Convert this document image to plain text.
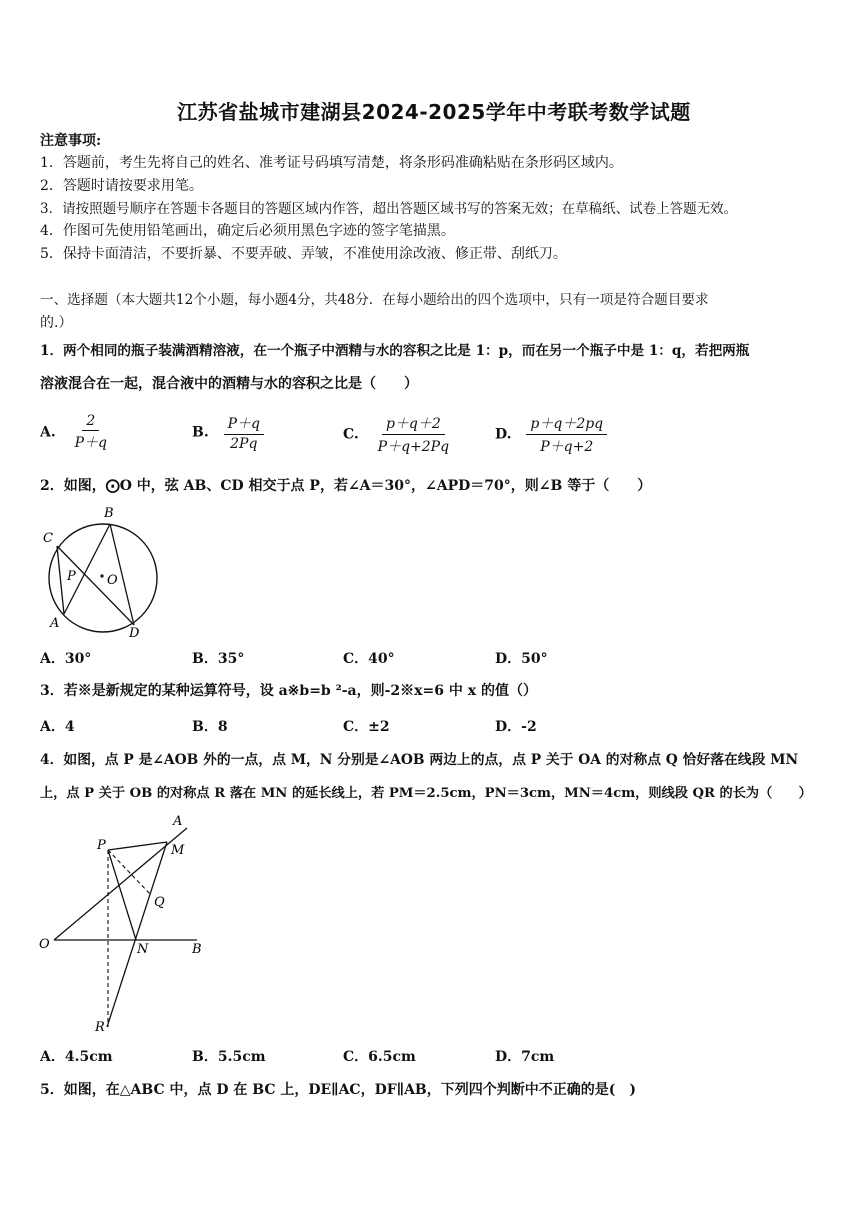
江苏省盐城市建湖县2024-2025学年中考联考数学试题
注意事项:
1．答题前，考生先将自己的姓名、准考证号码填写清楚，将条形码准确粘贴在条形码区域内。
2．答题时请按要求用笔。
3．请按照题号顺序在答题卡各题目的答题区域内作答，超出答题区域书写的答案无效；在草稿纸、试卷上答题无效。
4．作图可先使用铅笔画出，确定后必须用黑色字迹的签字笔描黑。
5．保持卡面清洁，不要折暴、不要弄破、弄皱，不准使用涂改液、修正带、刮纸刀。
一、选择题（本大题共12个小题，每小题4分，共48分．在每小题给出的四个选项中，只有一项是符合题目要求
的.）
1．两个相同的瓶子装满酒精溶液，在一个瓶子中酒精与水的容积之比是 1：p，而在另一个瓶子中是 1：q，若把两瓶
溶液混合在一起，混合液中的酒精与水的容积之比是（　　）
A. $\frac{2}{P+q}$	B. $\frac{P+q}{2Pq}$	C. $\frac{p+q+2}{P+q+2Pq}$	D. $\frac{p+q+2pq}{P+q+2}$
2．如图，⨀O 中，弦 AB、CD 相交于点 P，若∠A＝30°，∠APD＝70°，则∠B 等于（　　）
B
C
P O
A
D
A．30°	B．35°	C．40°	D．50°
3．若※是新规定的某种运算符号，设 a※b=b ²-a，则-2※x=6 中 x 的值（）
A．4	B．8	C．±2	D．-2
4．如图，点 P 是∠AOB 外的一点，点 M，N 分别是∠AOB 两边上的点，点 P 关于 OA 的对称点 Q 恰好落在线段 MN
上，点 P 关于 OB 的对称点 R 落在 MN 的延长线上，若 PM＝2.5cm，PN＝3cm，MN＝4cm，则线段 QR 的长为（　　）
A
P	M
Q
O	N	B
R
A．4.5cm	B．5.5cm	C．6.5cm	D．7cm
5．如图，在△ABC 中，点 D 在 BC 上，DE∥AC，DF∥AB，下列四个判断中不正确的是(　)
